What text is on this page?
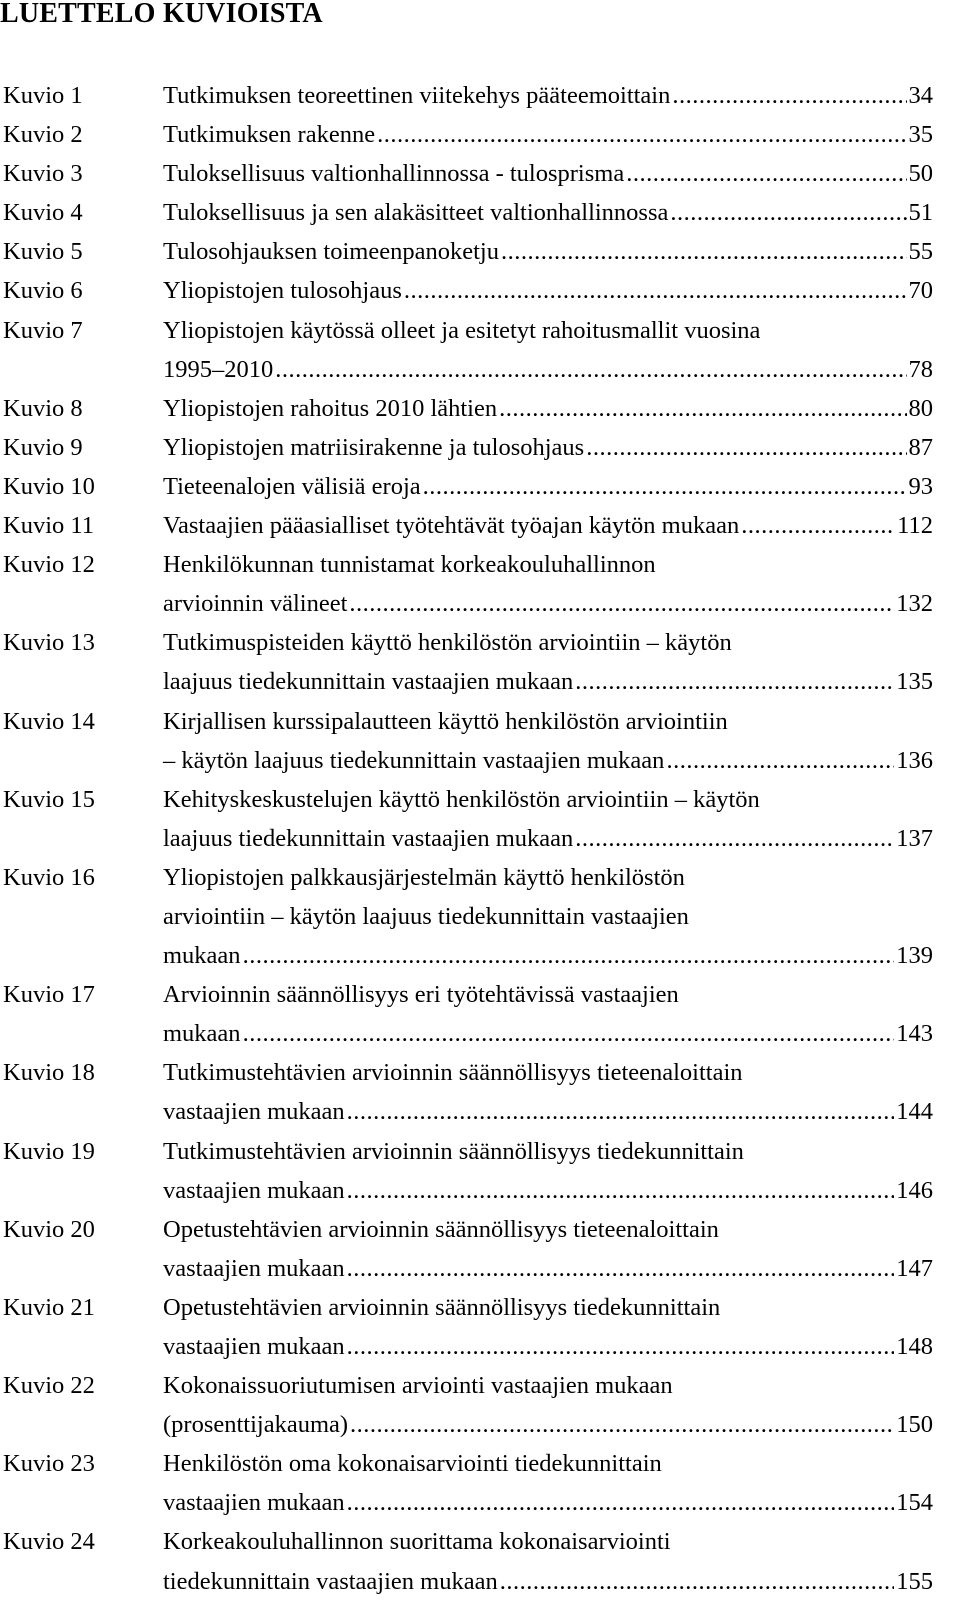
LUETTELO KUVIOISTA
Kuvio 1	Tutkimuksen teoreettinen viitekehys pääteemoittain .....	34
Kuvio 2	Tutkimuksen rakenne .....	35
Kuvio 3	Tuloksellisuus valtionhallinnossa - tulosprisma .....	50
Kuvio 4	Tuloksellisuus ja sen alakäsitteet valtionhallinnossa .....	51
Kuvio 5	Tulosohjauksen toimeenpanoketju .....	55
Kuvio 6	Yliopistojen tulosohjaus .....	70
Kuvio 7	Yliopistojen käytössä olleet ja esitetyt rahoitusmallit vuosina
1995–2010 .....	78
Kuvio 8	Yliopistojen rahoitus 2010 lähtien .....	80
Kuvio 9	Yliopistojen matriisirakenne ja tulosohjaus .....	87
Kuvio 10	Tieteenalojen välisiä eroja .....	93
Kuvio 11	Vastaajien pääasialliset työtehtävät työajan käytön mukaan .....	112
Kuvio 12	Henkilökunnan tunnistamat korkeakouluhallinnon
arvioinnin välineet .....	132
Kuvio 13	Tutkimuspisteiden käyttö henkilöstön arviointiin – käytön
laajuus tiedekunnittain vastaajien mukaan .....	135
Kuvio 14	Kirjallisen kurssipalautteen käyttö henkilöstön arviointiin
– käytön laajuus tiedekunnittain vastaajien mukaan .....	136
Kuvio 15	Kehityskeskustelujen käyttö henkilöstön arviointiin – käytön
laajuus tiedekunnittain vastaajien mukaan .....	137
Kuvio 16	Yliopistojen palkkausjärjestelmän käyttö henkilöstön
arviointiin – käytön laajuus tiedekunnittain vastaajien
mukaan .....	139
Kuvio 17	Arvioinnin säännöllisyys eri työtehtävissä vastaajien
mukaan .....	143
Kuvio 18	Tutkimustehtävien arvioinnin säännöllisyys tieteenaloittain
vastaajien mukaan .....	144
Kuvio 19	Tutkimustehtävien arvioinnin säännöllisyys tiedekunnittain
vastaajien mukaan .....	146
Kuvio 20	Opetustehtävien arvioinnin säännöllisyys tieteenaloittain
vastaajien mukaan .....	147
Kuvio 21	Opetustehtävien arvioinnin säännöllisyys tiedekunnittain
vastaajien mukaan .....	148
Kuvio 22	Kokonaissuoriutumisen arviointi vastaajien mukaan
(prosenttijakauma) .....	150
Kuvio 23	Henkilöstön oma kokonaisarviointi tiedekunnittain
vastaajien mukaan .....	154
Kuvio 24	Korkeakouluhallinnon suorittama kokonaisarviointi
tiedekunnittain vastaajien mukaan .....	155
